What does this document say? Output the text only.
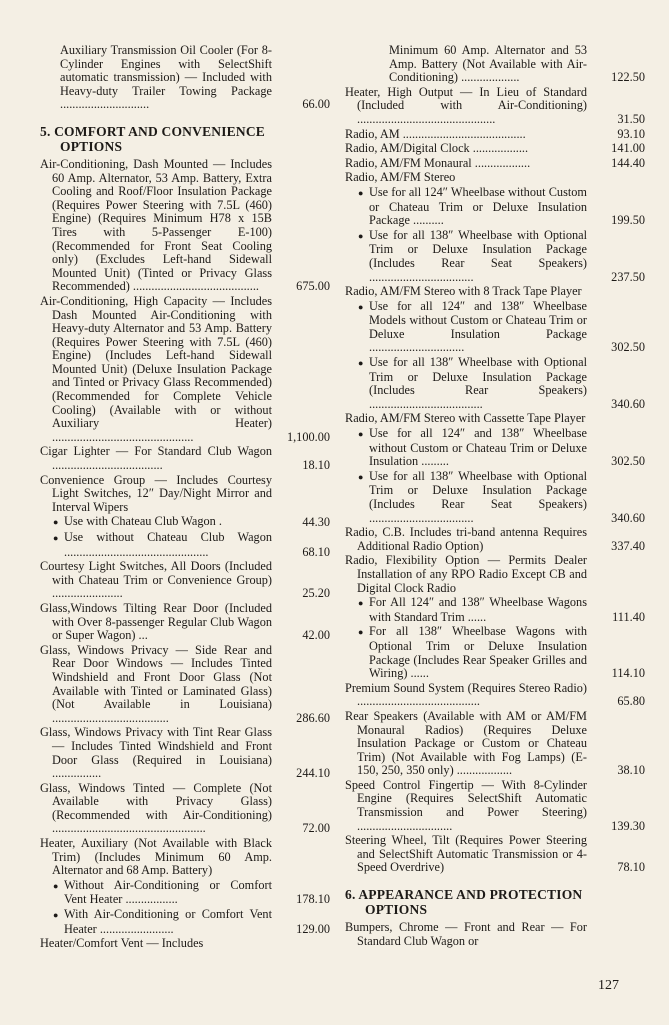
Auxiliary Transmission Oil Cooler (For 8-Cylinder Engines with SelectShift automatic transmission) — Included with Heavy-duty Trailer Towing Package .............................	66.00
5. COMFORT AND CONVENIENCE OPTIONS
Air-Conditioning, Dash Mounted — Includes 60 Amp. Alternator, 53 Amp. Battery, Extra Cooling and Roof/Floor Insulation Package (Requires Power Steering with 7.5L (460) Engine) (Requires Minimum H78 x 15B Tires with 5-Passenger E-100) (Recommended for Front Seat Cooling only) (Excludes Left-hand Sidewall Mounted Unit) (Tinted or Privacy Glass Recommended) .........................................	675.00
Air-Conditioning, High Capacity — Includes Dash Mounted Air-Conditioning with Heavy-duty Alternator and 53 Amp. Battery (Requires Power Steering with 7.5L (460) Engine) (Includes Left-hand Sidewall Mounted Unit) (Deluxe Insulation Package and Tinted or Privacy Glass Recommended) (Recommended for Complete Vehicle Cooling) (Available with or without Auxiliary Heater) ..............................................	1,100.00
Cigar Lighter — For Standard Club Wagon ....................................	18.10
Convenience Group — Includes Courtesy Light Switches, 12″ Day/Night Mirror and Interval Wipers
● Use with Chateau Club Wagon .	44.30
● Use without Chateau Club Wagon ...............................................	68.10
Courtesy Light Switches, All Doors (Included with Chateau Trim or Convenience Group) .......................	25.20
Glass,Windows Tilting Rear Door (Included with Over 8-passenger Regular Club Wagon or Super Wagon) ...	42.00
Glass, Windows Privacy — Side Rear and Rear Door Windows — Includes Tinted Windshield and Front Door Glass (Not Available with Tinted or Laminated Glass) (Not Available in Louisiana) ......................................	286.60
Glass, Windows Privacy with Tint Rear Glass — Includes Tinted Windshield and Front Door Glass (Required in Louisiana) ................	244.10
Glass, Windows Tinted — Complete (Not Available with Privacy Glass) (Recommended with Air-Conditioning) ..................................................	72.00
Heater, Auxiliary (Not Available with Black Trim) (Includes Minimum 60 Amp. Alternator and 68 Amp. Battery)
● Without Air-Conditioning or Comfort Vent Heater .................	178.10
● With Air-Conditioning or Comfort Vent Heater ........................	129.00
Heater/Comfort Vent — Includes
Minimum 60 Amp. Alternator and 53 Amp. Battery (Not Available with Air-Conditioning) ...................	122.50
Heater, High Output — In Lieu of Standard (Included with Air-Conditioning) .............................................	31.50
Radio, AM ........................................	93.10
Radio, AM/Digital Clock ..................	141.00
Radio, AM/FM Monaural ..................	144.40
Radio, AM/FM Stereo
● Use for all 124″ Wheelbase without Custom or Chateau Trim or Deluxe Insulation Package ..........	199.50
● Use for all 138″ Wheelbase with Optional Trim or Deluxe Insulation Package (Includes Rear Seat Speakers) ..................................	237.50
Radio, AM/FM Stereo with 8 Track Tape Player
● Use for all 124″ and 138″ Wheelbase Models without Custom or Chateau Trim or Deluxe Insulation Package ...............................	302.50
● Use for all 138″ Wheelbase with Optional Trim or Deluxe Insulation Package (Includes Rear Speakers) .....................................	340.60
Radio, AM/FM Stereo with Cassette Tape Player
● Use for all 124″ and 138″ Wheelbase without Custom or Chateau Trim or Deluxe Insulation .........	302.50
● Use for all 138″ Wheelbase with Optional Trim or Deluxe Insulation Package (Includes Rear Seat Speakers) ..................................	340.60
Radio, C.B. Includes tri-band antenna Requires Additional Radio Option)	337.40
Radio, Flexibility Option — Permits Dealer Installation of any RPO Radio Except CB and Digital Clock Radio
● For All 124″ and 138″ Wheelbase Wagons with Standard Trim ......	111.40
● For all 138″ Wheelbase Wagons with Optional Trim or Deluxe Insulation Package (Includes Rear Speaker Grilles and Wiring) ......	114.10
Premium Sound System (Requires Stereo Radio) ........................................	65.80
Rear Speakers (Available with AM or AM/FM Monaural Radios) (Requires Deluxe Insulation Package or Custom or Chateau Trim) (Not Available with Fog Lamps) (E-150, 250, 350 only) ..................	38.10
Speed Control Fingertip — With 8-Cylinder Engine (Requires SelectShift Automatic Transmission and Power Steering) ...............................	139.30
Steering Wheel, Tilt (Requires Power Steering and SelectShift Automatic Transmission or 4-Speed Overdrive)	78.10
6. APPEARANCE AND PROTECTION OPTIONS
Bumpers, Chrome — Front and Rear — For Standard Club Wagon or
127
